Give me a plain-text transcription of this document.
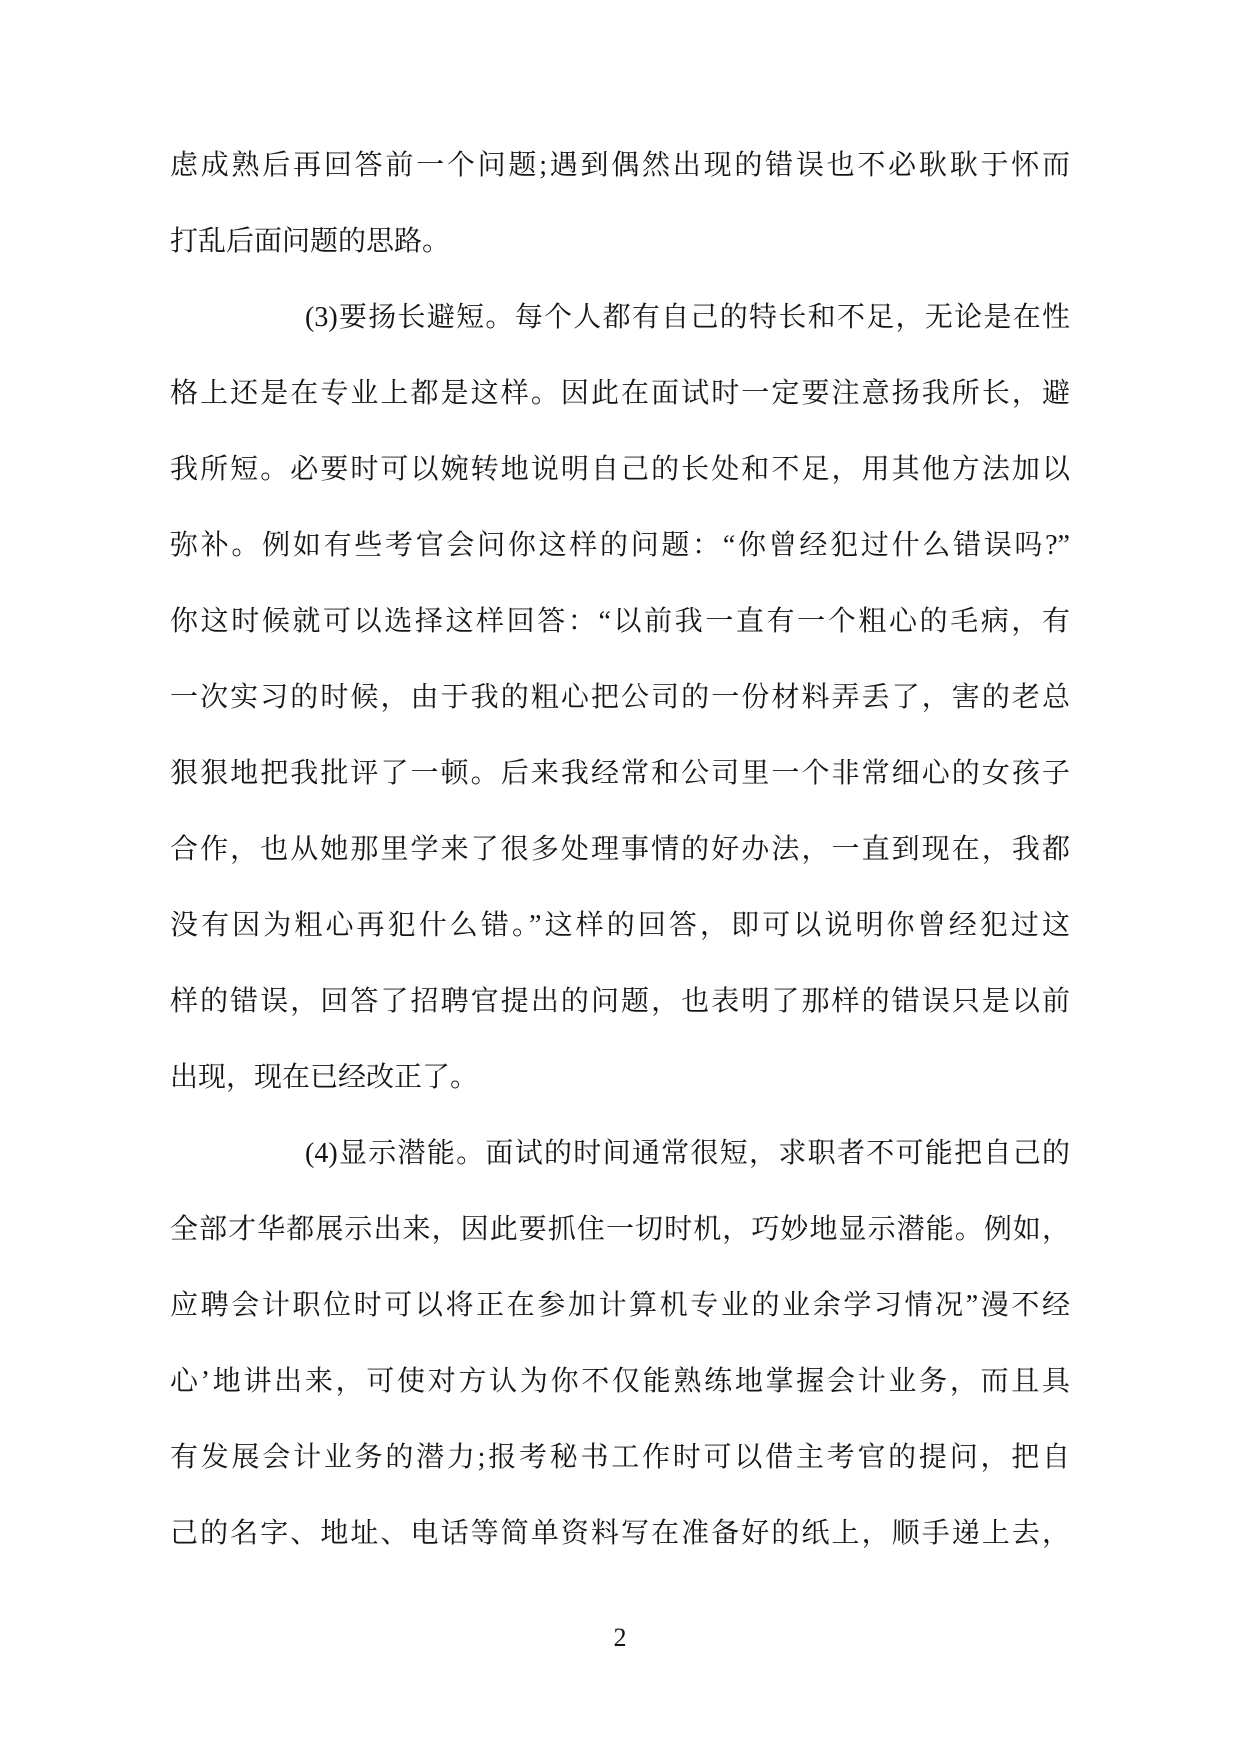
虑成熟后再回答前一个问题;遇到偶然出现的错误也不必耿耿于怀而
打乱后面问题的思路。
(3)要扬长避短。每个人都有自己的特长和不足，无论是在性
格上还是在专业上都是这样。因此在面试时一定要注意扬我所长，避
我所短。必要时可以婉转地说明自己的长处和不足，用其他方法加以
弥补。例如有些考官会问你这样的问题：“你曾经犯过什么错误吗?”
你这时候就可以选择这样回答：“以前我一直有一个粗心的毛病，有
一次实习的时候，由于我的粗心把公司的一份材料弄丢了，害的老总
狠狠地把我批评了一顿。后来我经常和公司里一个非常细心的女孩子
合作，也从她那里学来了很多处理事情的好办法，一直到现在，我都
没有因为粗心再犯什么错。”这样的回答，即可以说明你曾经犯过这
样的错误，回答了招聘官提出的问题，也表明了那样的错误只是以前
出现，现在已经改正了。
(4)显示潜能。面试的时间通常很短，求职者不可能把自己的
全部才华都展示出来，因此要抓住一切时机，巧妙地显示潜能。例如，
应聘会计职位时可以将正在参加计算机专业的业余学习情况”漫不经
心’地讲出来，可使对方认为你不仅能熟练地掌握会计业务，而且具
有发展会计业务的潜力;报考秘书工作时可以借主考官的提问，把自
己的名字、地址、电话等简单资料写在准备好的纸上，顺手递上去，
2
